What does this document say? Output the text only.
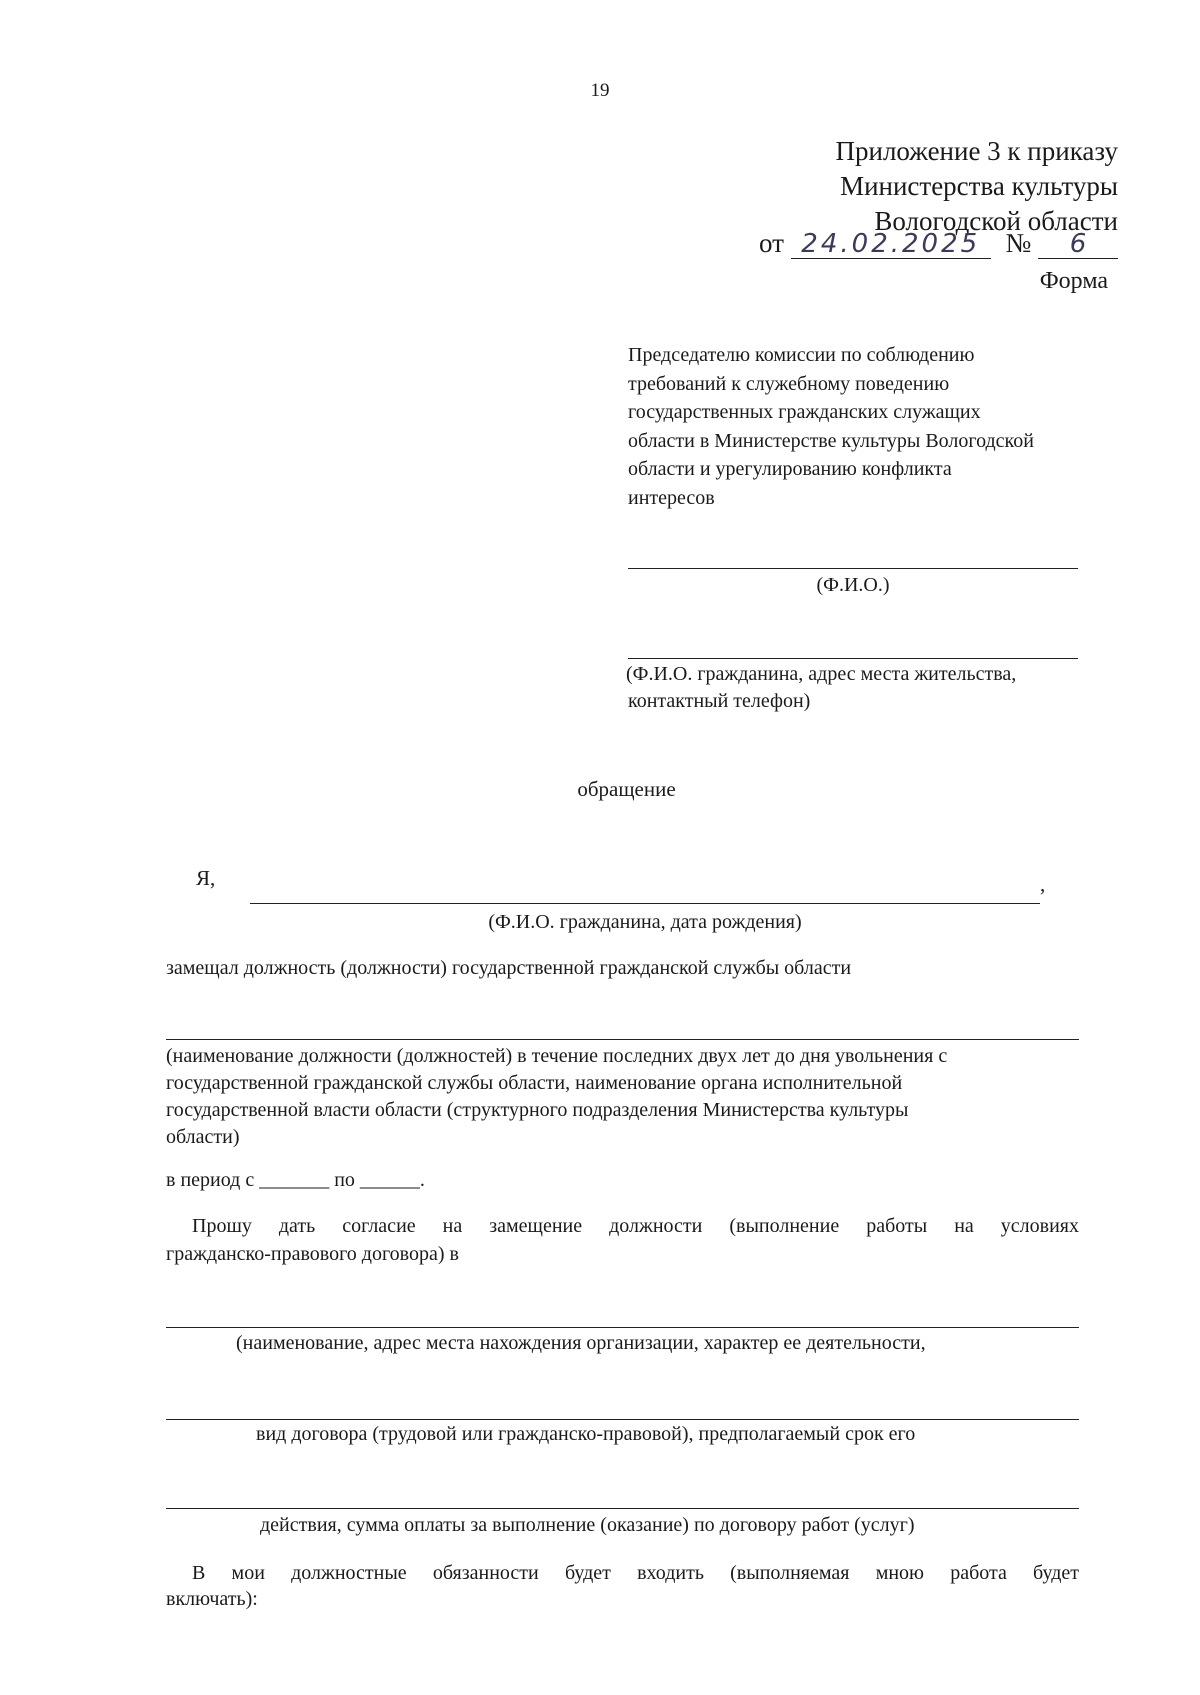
19
Приложение 3 к приказу
Министерства культуры
Вологодской области
от 24.02.2025 № 6
Форма
Председателю комиссии по соблюдению
требований к служебному поведению
государственных гражданских служащих
области в Министерстве культуры Вологодской
области и урегулированию конфликта
интересов
(Ф.И.О.)
(Ф.И.О. гражданина, адрес места жительства,
контактный телефон)
обращение
Я,	,
(Ф.И.О. гражданина, дата рождения)
замещал должность (должности) государственной гражданской службы области
(наименование должности (должностей) в течение последних двух лет до дня увольнения с
государственной гражданской службы области, наименование органа исполнительной
государственной власти области (структурного подразделения Министерства культуры
области)
в период с _______ по ______.
Прошу дать согласие на замещение должности (выполнение работы на условиях
гражданско-правового договора) в
(наименование, адрес места нахождения организации, характер ее деятельности,
вид договора (трудовой или гражданско-правовой), предполагаемый срок его
действия, сумма оплаты за выполнение (оказание) по договору работ (услуг)
В мои должностные обязанности будет входить (выполняемая мною работа будет
включать):
